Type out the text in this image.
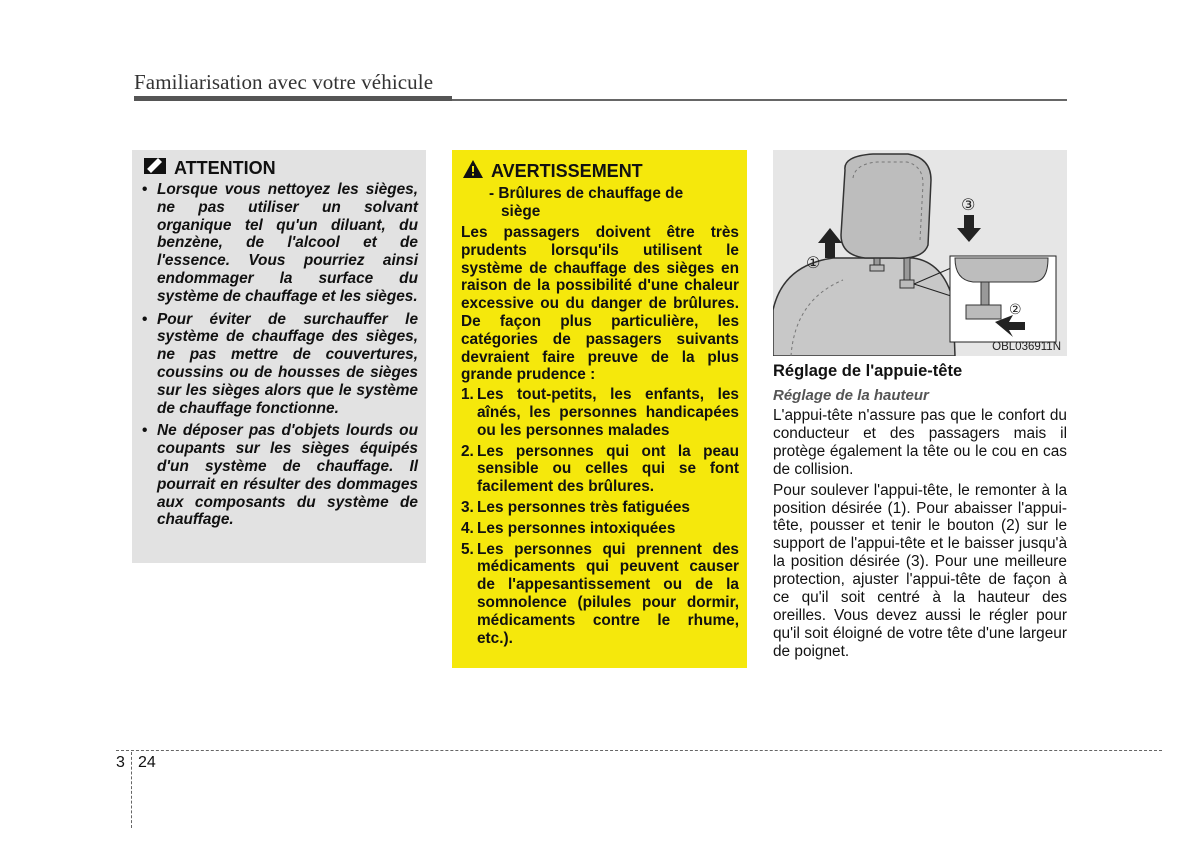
Familiarisation avec votre véhicule
ATTENTION
• Lorsque vous nettoyez les sièges, ne pas utiliser un solvant organique tel qu'un diluant, du benzène, de l'alcool et de l'essence. Vous pourriez ainsi endommager la surface du système de chauffage et les sièges.
• Pour éviter de surchauffer le système de chauffage des sièges, ne pas mettre de couvertures, coussins ou de housses de sièges sur les sièges alors que le système de chauffage fonctionne.
• Ne déposer pas d'objets lourds ou coupants sur les sièges équipés d'un système de chauffage. Il pourrait en résulter des dommages aux composants du système de chauffage.
AVERTISSEMENT
- Brûlures de chauffage de
siège
Les passagers doivent être très prudents lorsqu'ils utilisent le système de chauffage des sièges en raison de la possibilité d'une chaleur excessive ou du danger de brûlures. De façon plus particulière, les catégories de passagers suivants devraient faire preuve de la plus grande prudence :
1. Les tout-petits, les enfants, les aînés, les personnes handicapées ou les personnes malades
2. Les personnes qui ont la peau sensible ou celles qui se font facilement des brûlures.
3. Les personnes très fatiguées
4. Les personnes intoxiquées
5. Les personnes qui prennent des médicaments qui peuvent causer de l'appesantissement ou de la somnolence (pilules pour dormir, médicaments contre le rhume, etc.).
①
③
②
OBL036911N
Réglage de l'appuie-tête
Réglage de la hauteur

L'appui-tête n'assure pas que le confort du conducteur et des passagers mais il protège également la tête ou le cou en cas de collision.

Pour soulever l'appui-tête, le remonter à la position désirée (1). Pour abaisser l'appui-tête, pousser et tenir le bouton (2) sur le support de l'appui-tête et le baisser jusqu'à la position désirée (3). Pour une meilleure protection, ajuster l'appui-tête de façon à ce qu'il soit centré à la hauteur des oreilles. Vous devez aussi le régler pour qu'il soit éloigné de votre tête d'une largeur de poignet.

3 24
